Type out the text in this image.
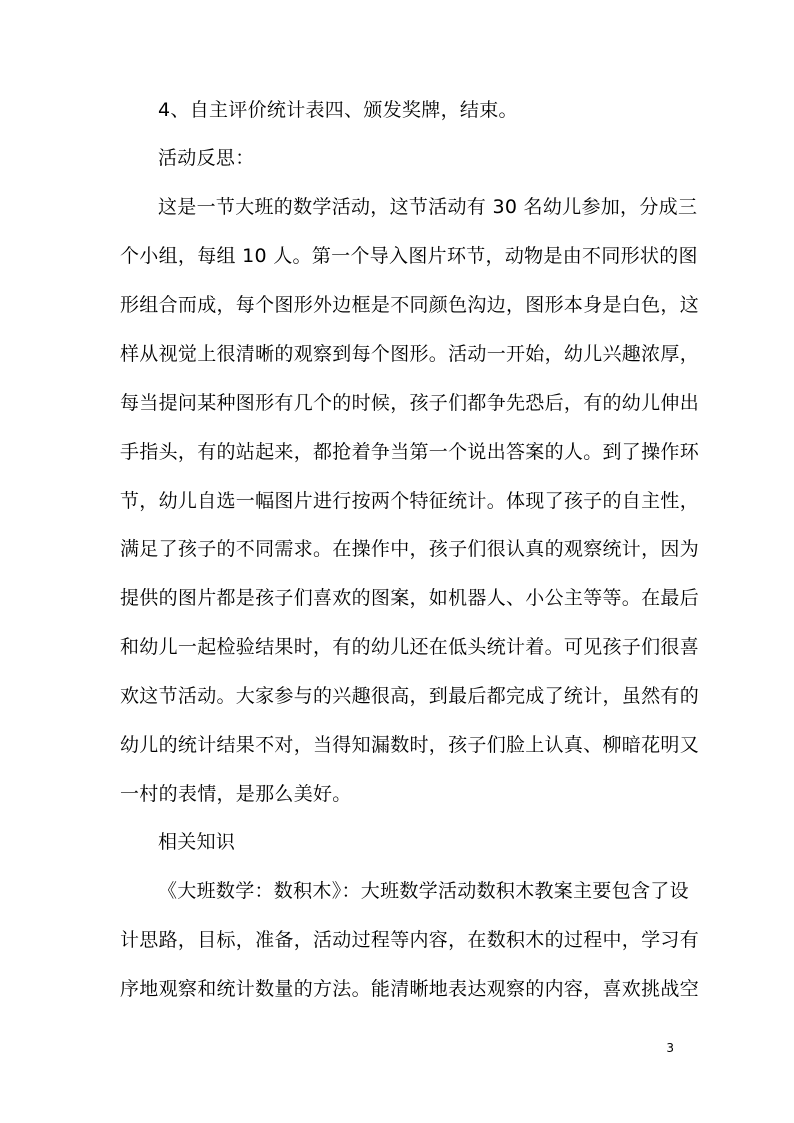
4、自主评价统计表四、颁发奖牌，结束。
活动反思：
这是一节大班的数学活动，这节活动有 30 名幼儿参加，分成三
个小组，每组 10 人。第一个导入图片环节，动物是由不同形状的图
形组合而成，每个图形外边框是不同颜色沟边，图形本身是白色，这
样从视觉上很清晰的观察到每个图形。活动一开始，幼儿兴趣浓厚，
每当提问某种图形有几个的时候，孩子们都争先恐后，有的幼儿伸出
手指头，有的站起来，都抢着争当第一个说出答案的人。到了操作环
节，幼儿自选一幅图片进行按两个特征统计。体现了孩子的自主性，
满足了孩子的不同需求。在操作中，孩子们很认真的观察统计，因为
提供的图片都是孩子们喜欢的图案，如机器人、小公主等等。在最后
和幼儿一起检验结果时，有的幼儿还在低头统计着。可见孩子们很喜
欢这节活动。大家参与的兴趣很高，到最后都完成了统计，虽然有的
幼儿的统计结果不对，当得知漏数时，孩子们脸上认真、柳暗花明又
一村的表情，是那么美好。
相关知识
《大班数学：数积木》：大班数学活动数积木教案主要包含了设
计思路，目标，准备，活动过程等内容，在数积木的过程中，学习有
序地观察和统计数量的方法。能清晰地表达观察的内容，喜欢挑战空
3
